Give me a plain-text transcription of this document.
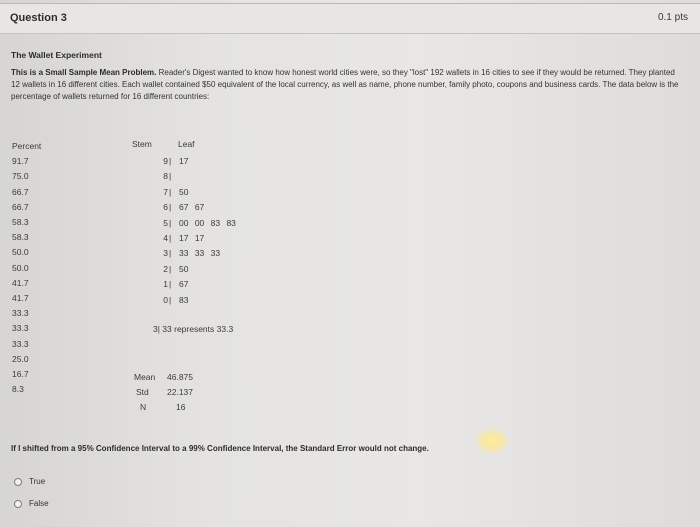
Question 3	0.1 pts
The Wallet Experiment
This is a Small Sample Mean Problem. Reader's Digest wanted to know how honest world cities were, so they "lost" 192 wallets in 16 cities to see if they would be returned. They planted 12 wallets in 16 different cities. Each wallet contained $50 equivalent of the local currency, as well as name, phone number, family photo, coupons and business cards. The data below is the percentage of wallets returned for 16 different countries:
Percent
91.7
75.0
66.7
66.7
58.3
58.3
50.0
50.0
41.7
41.7
33.3
33.3
33.3
25.0
16.7
8.3
Stem	Leaf
9 | 17
8 |
7 | 50
6 | 67 67
5 | 00 00 83 83
4 | 17 17
3 | 33 33 33
2 | 50
1 | 67
0 | 83
3| 33 represents 33.3
Mean 46.875
Std 22.137
N	16
If I shifted from a 95% Confidence Interval to a 99% Confidence Interval, the Standard Error would not change.
True
False
